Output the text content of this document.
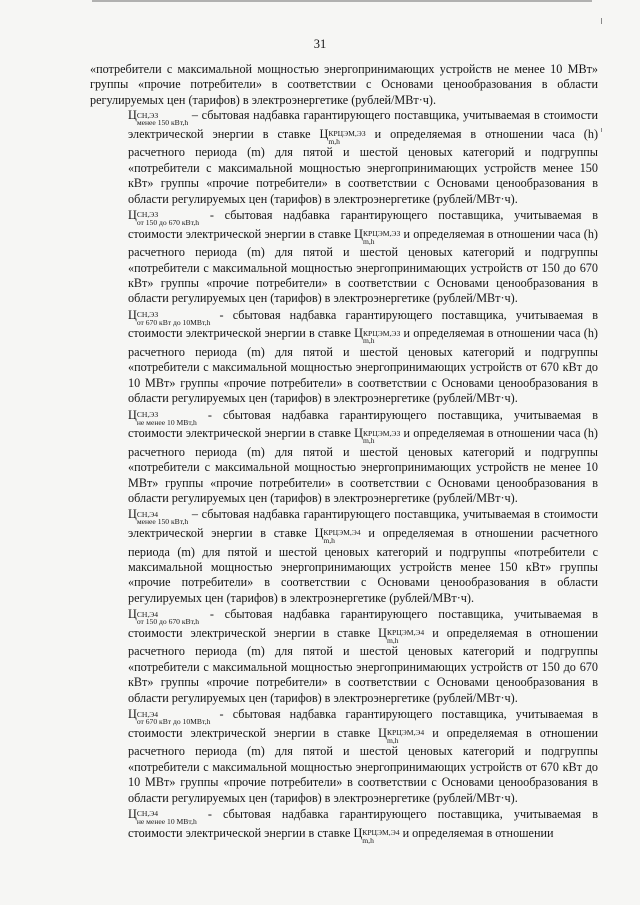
31

«потребители с максимальной мощностью энергопринимающих устройств не менее 10 МВт» группы «прочие потребители» в соответствии с Основами ценообразования в области регулируемых цен (тарифов) в электроэнергетике (рублей/МВт·ч).

Ц СН,ЭЗ
менее 150 кВт,h
– сбытовая надбавка гарантирующего поставщика, учитываемая в стоимости электрической энергии в ставке Ц КРЦЭМ,ЭЗ
m,h
и определяемая в отношении часа (h) расчетного периода (m) для пятой и шестой ценовых категорий и подгруппы «потребители с максимальной мощностью энергопринимающих устройств менее 150 кВт» группы «прочие потребители» в соответствии с Основами ценообразования в области регулируемых цен (тарифов) в электроэнергетике (рублей/МВт·ч).

Ц СН,ЭЗ
от 150 до 670 кВт,h
- сбытовая надбавка гарантирующего поставщика, учитываемая в стоимости электрической энергии в ставке Ц КРЦЭМ,ЭЗ
m,h
и определяемая в отношении часа (h) расчетного периода (m) для пятой и шестой ценовых категорий и подгруппы «потребители с максимальной мощностью энергопринимающих устройств от 150 до 670 кВт» группы «прочие потребители» в соответствии с Основами ценообразования в области регулируемых цен (тарифов) в электроэнергетике (рублей/МВт·ч).

Ц СН,ЭЗ
от 670 кВт до 10МВт,h
- сбытовая надбавка гарантирующего поставщика, учитываемая в стоимости электрической энергии в ставке Ц КРЦЭМ,ЭЗ
m,h
и определяемая в отношении часа (h) расчетного периода (m) для пятой и шестой ценовых категорий и подгруппы «потребители с максимальной мощностью энергопринимающих устройств от 670 кВт до 10 МВт» группы «прочие потребители» в соответствии с Основами ценообразования в области регулируемых цен (тарифов) в электроэнергетике (рублей/МВт·ч).

Ц СН,ЭЗ
не менее 10 МВт,h
- сбытовая надбавка гарантирующего поставщика, учитываемая в стоимости электрической энергии в ставке Ц КРЦЭМ,ЭЗ
m,h
и определяемая в отношении часа (h) расчетного периода (m) для пятой и шестой ценовых категорий и подгруппы «потребители с максимальной мощностью энергопринимающих устройств не менее 10 МВт» группы «прочие потребители» в соответствии с Основами ценообразования в области регулируемых цен (тарифов) в электроэнергетике (рублей/МВт·ч).

Ц СН,Э4
менее 150 кВт,h
– сбытовая надбавка гарантирующего поставщика, учитываемая в стоимости электрической энергии в ставке Ц КРЦЭМ,Э4
m,h
и определяемая в отношении расчетного периода (m) для пятой и шестой ценовых категорий и подгруппы «потребители с максимальной мощностью энергопринимающих устройств менее 150 кВт» группы «прочие потребители» в соответствии с Основами ценообразования в области регулируемых цен (тарифов) в электроэнергетике (рублей/МВт·ч).

Ц СН,Э4
от 150 до 670 кВт,h
- сбытовая надбавка гарантирующего поставщика, учитываемая в стоимости электрической энергии в ставке Ц КРЦЭМ,Э4
m,h
и определяемая в отношении расчетного периода (m) для пятой и шестой ценовых категорий и подгруппы «потребители с максимальной мощностью энергопринимающих устройств от 150 до 670 кВт» группы «прочие потребители» в соответствии с Основами ценообразования в области регулируемых цен (тарифов) в электроэнергетике (рублей/МВт·ч).

Ц СН,Э4
от 670 кВт до 10МВт,h
- сбытовая надбавка гарантирующего поставщика, учитываемая в стоимости электрической энергии в ставке Ц КРЦЭМ,Э4
m,h
и определяемая в отношении расчетного периода (m) для пятой и шестой ценовых категорий и подгруппы «потребители с максимальной мощностью энергопринимающих устройств от 670 кВт до 10 МВт» группы «прочие потребители» в соответствии с Основами ценообразования в области регулируемых цен (тарифов) в электроэнергетике (рублей/МВт·ч).

Ц СН,Э4
не менее 10 МВт,h
- сбытовая надбавка гарантирующего поставщика, учитываемая в стоимости электрической энергии в ставке Ц КРЦЭМ,Э4
m,h
и определяемая в отношении
